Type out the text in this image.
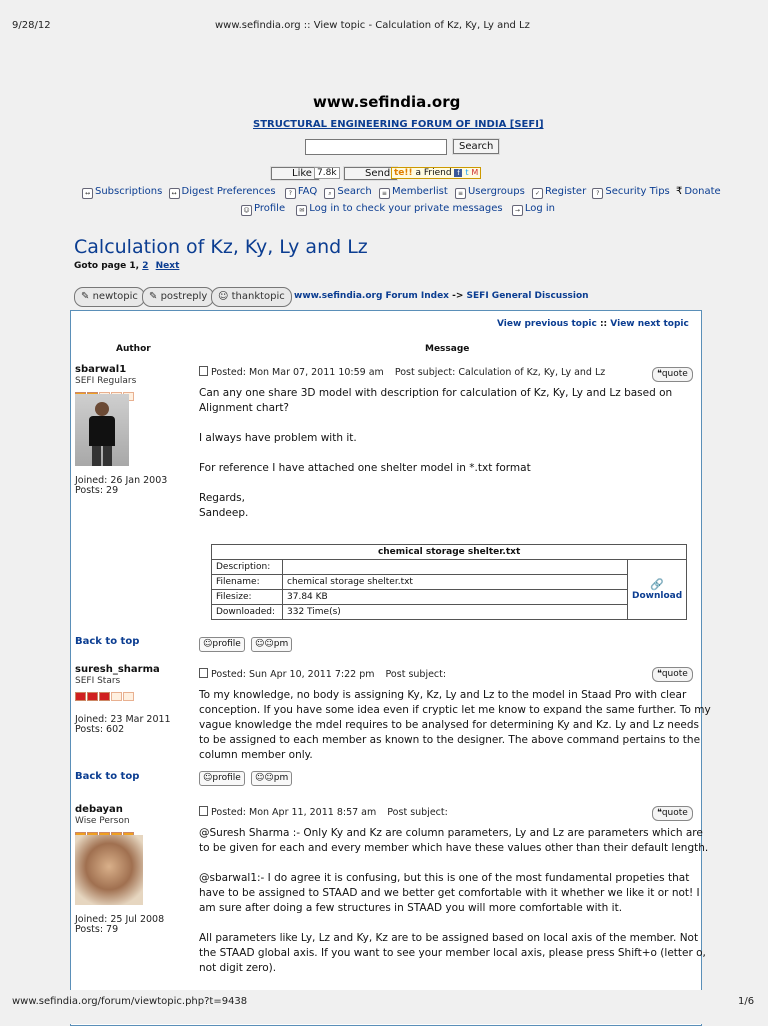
9/28/12	www.sefindia.org :: View topic - Calculation of Kz, Ky, Ly and Lz
www.sefindia.org
STRUCTURAL ENGINEERING FORUM OF INDIA [SEFI]
Search
Like 7.8k	Send te!! a Friend f t M
↔ Subscriptions ↔ Digest Preferences ? FAQ ⌕ Search ≡ Memberlist ≡ Usergroups ✓ Register ? Security Tips ₹ Donate
☺ Profile ✉ Log in to check your private messages → Log in
Calculation of Kz, Ky, Ly and Lz
Goto page 1, 2 Next
✎ newtopic	✎ postreply	☺ thanktopic	www.sefindia.org Forum Index -> SEFI General Discussion
View previous topic :: View next topic
Author	Message
sbarwal1
SEFI Regulars
Joined: 26 Jan 2003
Posts: 29
Posted: Mon Mar 07, 2011 10:59 am Post subject: Calculation of Kz, Ky, Ly and Lz	❝quote
Can any one share 3D model with description for calculation of Kz, Ky, Ly and Lz based on
Alignment chart?

I always have problem with it.

For reference I have attached one shelter model in *.txt format

Regards,
Sandeep.
chemical storage shelter.txt		
Description:		🔗
Download
Filename:	chemical storage shelter.txt	
Filesize:	37.84 KB	
Downloaded:	332 Time(s)	
Back to top	☺profile	☺☺pm
suresh_sharma
SEFI Stars
Joined: 23 Mar 2011
Posts: 602
Posted: Sun Apr 10, 2011 7:22 pm Post subject:	❝quote
To my knowledge, no body is assigning Ky, Kz, Ly and Lz to the model in Staad Pro with clear
conception. If you have some idea even if cryptic let me know to expand the same further. To my
vague knowledge the mdel requires to be analysed for determining Ky and Kz. Ly and Lz needs
to be assigned to each member as known to the designer. The above command pertains to the
column member only.
Back to top	☺profile	☺☺pm
debayan
Wise Person
Joined: 25 Jul 2008
Posts: 79
Posted: Mon Apr 11, 2011 8:57 am Post subject:	❝quote
@Suresh Sharma :- Only Ky and Kz are column parameters, Ly and Lz are parameters which are
to be given for each and every member which have these values other than their default length.

@sbarwal1:- I do agree it is confusing, but this is one of the most fundamental propeties that
have to be assigned to STAAD and we better get comfortable with it whether we like it or not! I
am sure after doing a few structures in STAAD you will more comfortable with it.

All parameters like Ly, Lz and Ky, Kz are to be assigned based on local axis of the member. Not
the STAAD global axis. If you want to see your member local axis, please press Shift+o (letter o,
not digit zero).
www.sefindia.org/forum/viewtopic.php?t=9438	1/6
